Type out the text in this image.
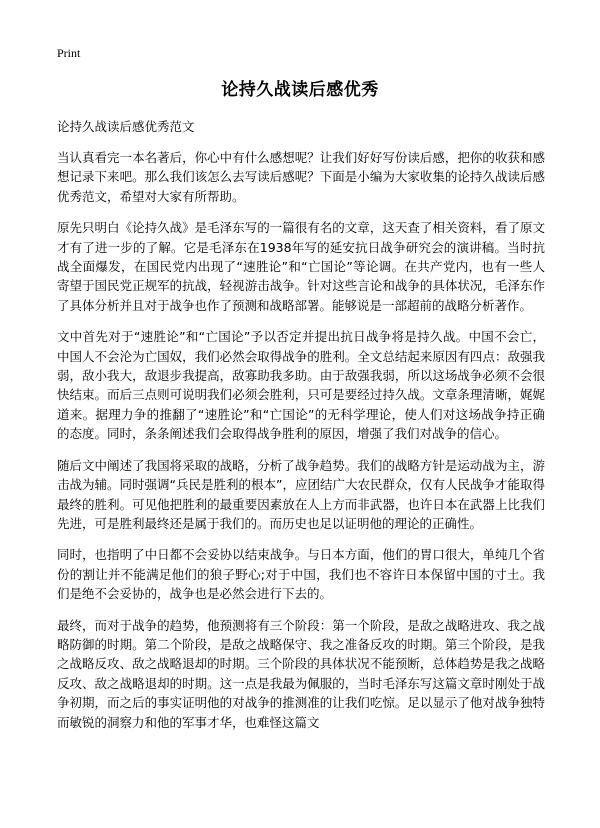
Print
论持久战读后感优秀
论持久战读后感优秀范文

当认真看完一本名著后，你心中有什么感想呢？让我们好好写份读后感，把你的收获和感想记录下来吧。那么我们该怎么去写读后感呢？下面是小编为大家收集的论持久战读后感优秀范文，希望对大家有所帮助。

原先只明白《论持久战》是毛泽东写的一篇很有名的文章，这天查了相关资料，看了原文才有了进一步的了解。它是毛泽东在1938年写的延安抗日战争研究会的演讲稿。当时抗战全面爆发，在国民党内出现了“速胜论”和“亡国论”等论调。在共产党内，也有一些人寄望于国民党正规军的抗战，轻视游击战争。针对这些言论和战争的具体状况，毛泽东作了具体分析并且对于战争也作了预测和战略部署。能够说是一部超前的战略分析著作。

文中首先对于“速胜论”和“亡国论”予以否定并提出抗日战争将是持久战。中国不会亡，中国人不会沦为亡国奴，我们必然会取得战争的胜利。全文总结起来原因有四点：敌强我弱，敌小我大，敌退步我提高，敌寡助我多助。由于敌强我弱，所以这场战争必须不会很快结束。而后三点则可说明我们必须会胜利，只可是要经过持久战。文章条理清晰，娓娓道来。据理力争的推翻了“速胜论”和“亡国论”的无科学理论，使人们对这场战争持正确的态度。同时，条条阐述我们会取得战争胜利的原因，增强了我们对战争的信心。

随后文中阐述了我国将采取的战略，分析了战争趋势。我们的战略方针是运动战为主，游击战为辅。同时强调“兵民是胜利的根本”，应团结广大农民群众，仅有人民战争才能取得最终的胜利。可见他把胜利的最重要因素放在人上方而非武器，也许日本在武器上比我们先进，可是胜利最终还是属于我们的。而历史也足以证明他的理论的正确性。

同时，也指明了中日都不会妥协以结束战争。与日本方面，他们的胃口很大，单纯几个省份的割让并不能满足他们的狼子野心;对于中国，我们也不容许日本保留中国的寸土。我们是绝不会妥协的，战争也是必然会进行下去的。

最终，而对于战争的趋势，他预测将有三个阶段：第一个阶段，是敌之战略进攻、我之战略防御的时期。第二个阶段，是敌之战略保守、我之准备反攻的时期。第三个阶段，是我之战略反攻、敌之战略退却的时期。三个阶段的具体状况不能预断，总体趋势是我之战略反攻、敌之战略退却的时期。这一点是我最为佩服的，当时毛泽东写这篇文章时刚处于战争初期，而之后的事实证明他的对战争的推测准的让我们吃惊。足以显示了他对战争独特而敏锐的洞察力和他的军事才华，也难怪这篇文
